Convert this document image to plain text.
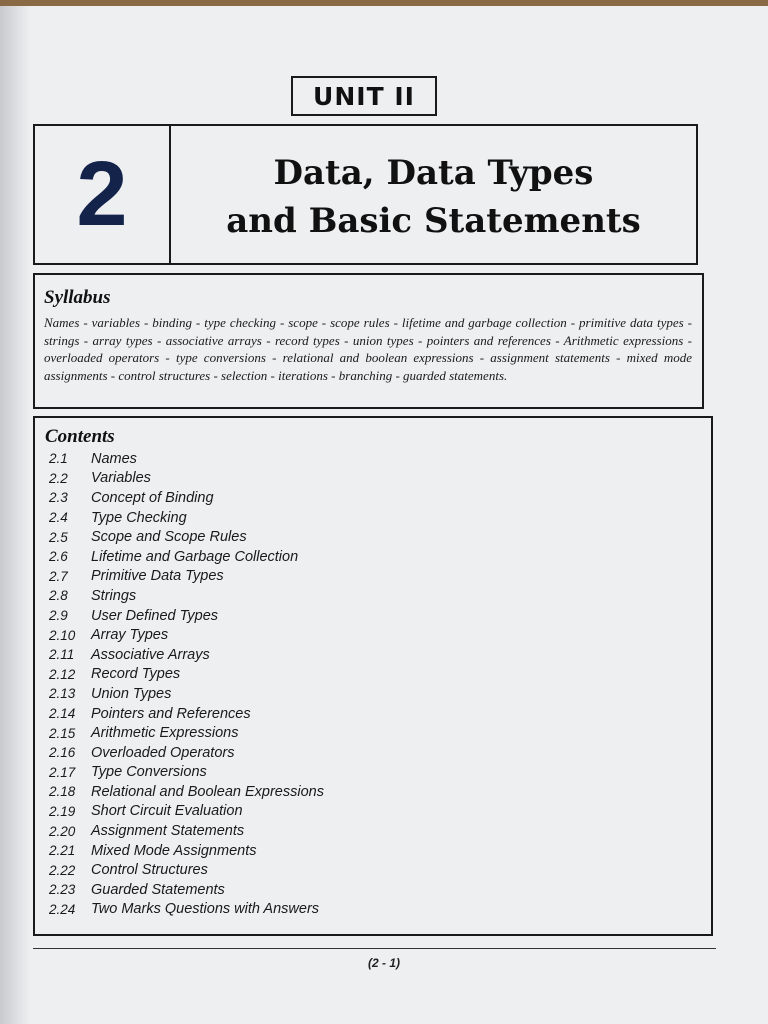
UNIT II
2	Data, Data Types
and Basic Statements
Syllabus
Names - variables - binding - type checking - scope - scope rules - lifetime and garbage collection - primitive data types - strings - array types - associative arrays - record types - union types - pointers and references - Arithmetic expressions - overloaded operators - type conversions - relational and boolean expressions - assignment statements - mixed mode assignments - control structures - selection - iterations - branching - guarded statements.
Contents
2.1	Names
2.2	Variables
2.3	Concept of Binding
2.4	Type Checking
2.5	Scope and Scope Rules
2.6	Lifetime and Garbage Collection
2.7	Primitive Data Types
2.8	Strings
2.9	User Defined Types
2.10	Array Types
2.11	Associative Arrays
2.12	Record Types
2.13	Union Types
2.14	Pointers and References
2.15	Arithmetic Expressions
2.16	Overloaded Operators
2.17	Type Conversions
2.18	Relational and Boolean Expressions
2.19	Short Circuit Evaluation
2.20	Assignment Statements
2.21	Mixed Mode Assignments
2.22	Control Structures
2.23	Guarded Statements
2.24	Two Marks Questions with Answers
(2 - 1)
